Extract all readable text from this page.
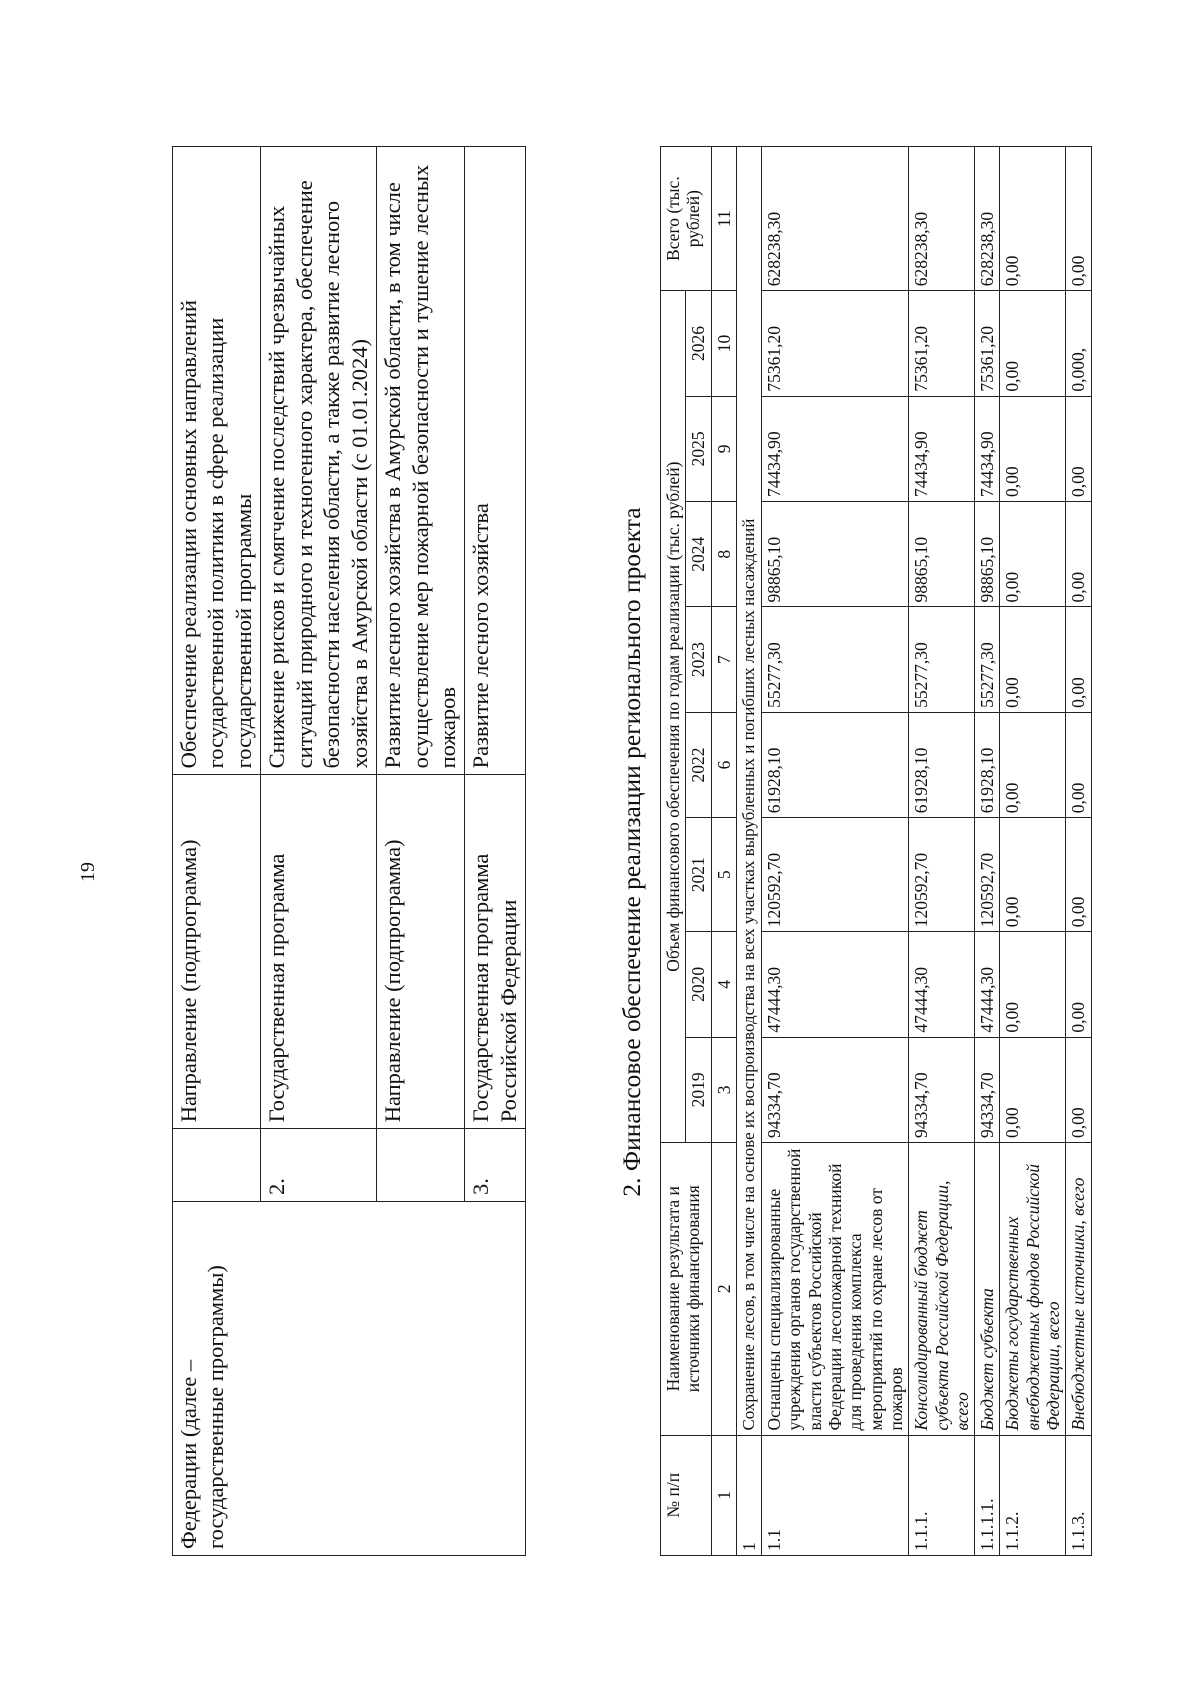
19
Федерации (далее – государственные программы)		Направление (подпрограмма)	Обеспечение реализации основных направлений государственной политики в сфере реализации государственной программы
	2.	Государственная программа	Снижение рисков и смягчение последствий чрезвычайных ситуаций природного и техногенного характера, обеспечение безопасности населения области, а также развитие лесного хозяйства в Амурской области (с 01.01.2024)
		Направление (подпрограмма)	Развитие лесного хозяйства в Амурской области, в том числе осуществление мер пожарной безопасности и тушение лесных пожаров
	3.	Государственная программа Российской Федерации	Развитие лесного хозяйства	2. Финансовое обеспечение реализации регионального проекта
№ п/п	Наименование результата и источники финансирования	Объем финансового обеспечения по годам реализации (тыс. рублей)								Всего (тыс. рублей)
		2019	2020	2021	2022	2023	2024	2025	2026	
1	2	3	4	5	6	7	8	9	10	11
1	Сохранение лесов, в том числе на основе их воспроизводства на всех участках вырубленных и погибших лесных насаждений									
1.1	Оснащены специализированные учреждения органов государственной власти субъектов Российской Федерации лесопожарной техникой для проведения комплекса мероприятий по охране лесов от пожаров	94334,70	47444,30	120592,70	61928,10	55277,30	98865,10	74434,90	75361,20	628238,30
1.1.1.	Консолидированный бюджет субъекта Российской Федерации, всего	94334,70	47444,30	120592,70	61928,10	55277,30	98865,10	74434,90	75361,20	628238,30
1.1.1.1.	Бюджет субъекта	94334,70	47444,30	120592,70	61928,10	55277,30	98865,10	74434,90	75361,20	628238,30
1.1.2.	Бюджеты государственных внебюджетных фондов Российской Федерации, всего	0,00	0,00	0,00	0,00	0,00	0,00	0,00	0,00	0,00
1.1.3.	Внебюджетные источники, всего	0,00	0,00	0,00	0,00	0,00	0,00	0,00	0,000,	0,00
